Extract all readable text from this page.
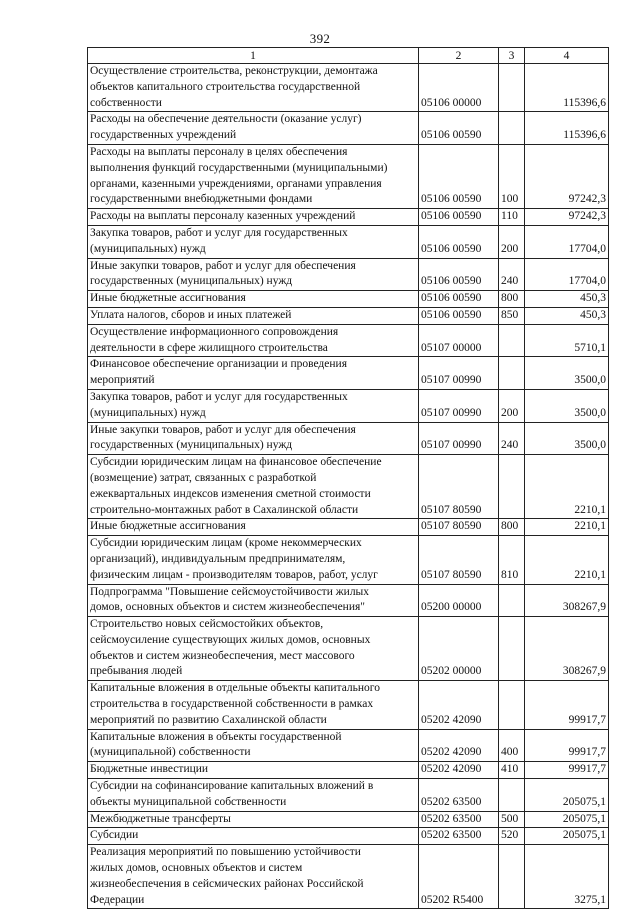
392
1	2	3	4
Осуществление строительства, реконструкции, демонтажа
объектов капитального строительства государственной
собственности	05106 00000		115396,6
Расходы на обеспечение деятельности (оказание услуг)
государственных учреждений	05106 00590		115396,6
Расходы на выплаты персоналу в целях обеспечения
выполнения функций государственными (муниципальными)
органами, казенными учреждениями, органами управления
государственными внебюджетными фондами	05106 00590	100	97242,3
Расходы на выплаты персоналу казенных учреждений	05106 00590	110	97242,3
Закупка товаров, работ и услуг для государственных
(муниципальных) нужд	05106 00590	200	17704,0
Иные закупки товаров, работ и услуг для обеспечения
государственных (муниципальных) нужд	05106 00590	240	17704,0
Иные бюджетные ассигнования	05106 00590	800	450,3
Уплата налогов, сборов и иных платежей	05106 00590	850	450,3
Осуществление информационного сопровождения
деятельности в сфере жилищного строительства	05107 00000		5710,1
Финансовое обеспечение организации и проведения
мероприятий	05107 00990		3500,0
Закупка товаров, работ и услуг для государственных
(муниципальных) нужд	05107 00990	200	3500,0
Иные закупки товаров, работ и услуг для обеспечения
государственных (муниципальных) нужд	05107 00990	240	3500,0
Субсидии юридическим лицам на финансовое обеспечение
(возмещение) затрат, связанных с разработкой
ежеквартальных индексов изменения сметной стоимости
строительно-монтажных работ в Сахалинской области	05107 80590		2210,1
Иные бюджетные ассигнования	05107 80590	800	2210,1
Субсидии юридическим лицам (кроме некоммерческих
организаций), индивидуальным предпринимателям,
физическим лицам - производителям товаров, работ, услуг	05107 80590	810	2210,1
Подпрограмма "Повышение сейсмоустойчивости жилых
домов, основных объектов и систем жизнеобеспечения"	05200 00000		308267,9
Строительство новых сейсмостойких объектов,
сейсмоусиление существующих жилых домов, основных
объектов и систем жизнеобеспечения, мест массового
пребывания людей	05202 00000		308267,9
Капитальные вложения в отдельные объекты капитального
строительства в государственной собственности в рамках
мероприятий по развитию Сахалинской области	05202 42090		99917,7
Капитальные вложения в объекты государственной
(муниципальной) собственности	05202 42090	400	99917,7
Бюджетные инвестиции	05202 42090	410	99917,7
Субсидии на софинансирование капитальных вложений в
объекты муниципальной собственности	05202 63500		205075,1
Межбюджетные трансферты	05202 63500	500	205075,1
Субсидии	05202 63500	520	205075,1
Реализация мероприятий по повышению устойчивости
жилых домов, основных объектов и систем
жизнеобеспечения в сейсмических районах Российской
Федерации	05202 R5400		3275,1
